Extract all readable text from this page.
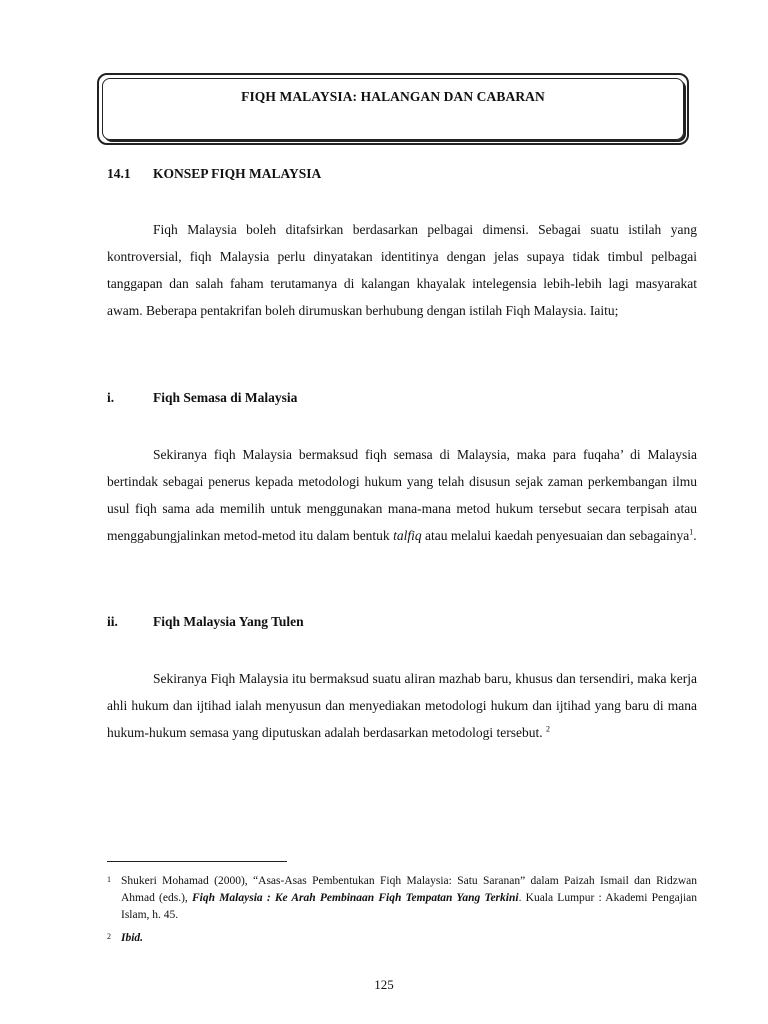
FIQH MALAYSIA: HALANGAN DAN CABARAN
14.1 KONSEP FIQH MALAYSIA

Fiqh Malaysia boleh ditafsirkan berdasarkan pelbagai dimensi. Sebagai suatu istilah yang kontroversial, fiqh Malaysia perlu dinyatakan identitinya dengan jelas supaya tidak timbul pelbagai tanggapan dan salah faham terutamanya di kalangan khayalak intelegensia lebih-lebih lagi masyarakat awam. Beberapa pentakrifan boleh dirumuskan berhubung dengan istilah Fiqh Malaysia. Iaitu;

i.	Fiqh Semasa di Malaysia

Sekiranya fiqh Malaysia bermaksud fiqh semasa di Malaysia, maka para fuqaha’ di Malaysia bertindak sebagai penerus kepada metodologi hukum yang telah disusun sejak zaman perkembangan ilmu usul fiqh sama ada memilih untuk menggunakan mana-mana metod hukum tersebut secara terpisah atau menggabungjalinkan metod-metod itu dalam bentuk talfiq atau melalui kaedah penyesuaian dan sebagainya$^1$.

ii.	Fiqh Malaysia Yang Tulen

Sekiranya Fiqh Malaysia itu bermaksud suatu aliran mazhab baru, khusus dan tersendiri, maka kerja ahli hukum dan ijtihad ialah menyusun dan menyediakan metodologi hukum dan ijtihad yang baru di mana hukum-hukum semasa yang diputuskan adalah berdasarkan metodologi tersebut. $^2$

1 Shukeri Mohamad (2000), “Asas-Asas Pembentukan Fiqh Malaysia: Satu Saranan” dalam Paizah Ismail dan Ridzwan Ahmad (eds.), Fiqh Malaysia : Ke Arah Pembinaan Fiqh Tempatan Yang Terkini. Kuala Lumpur : Akademi Pengajian Islam, h. 45.

2 Ibid.

125
